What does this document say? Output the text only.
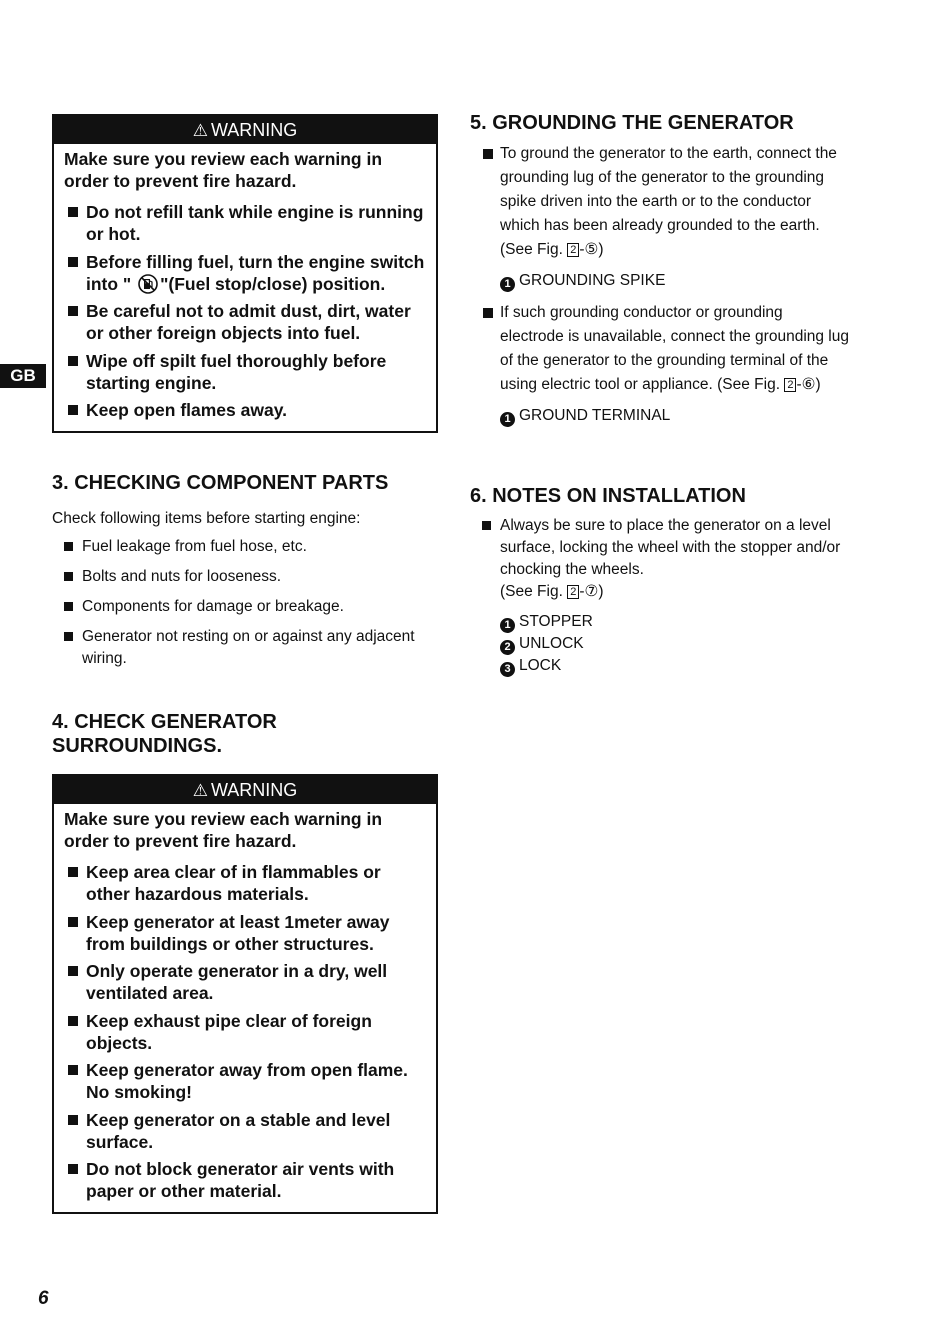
GB
⚠ WARNING

Make sure you review each warning in order to prevent fire hazard.

Do not refill tank while engine is running or hot.
Before filling fuel, turn the engine switch into " "(Fuel stop/close) position.
Be careful not to admit dust, dirt, water or other foreign objects into fuel.
Wipe off spilt fuel thoroughly before starting engine.
Keep open flames away.
3. CHECKING COMPONENT PARTS

Check following items before starting engine:

Fuel leakage from fuel hose, etc.
Bolts and nuts for looseness.
Components for damage or breakage.
Generator not resting on or against any adjacent wiring.
4. CHECK GENERATOR SURROUNDINGS.
⚠ WARNING

Make sure you review each warning in order to prevent fire hazard.

Keep area clear of in flammables or other hazardous materials.
Keep generator at least 1meter away from buildings or other structures.
Only operate generator in a dry, well ventilated area.
Keep exhaust pipe clear of foreign objects.
Keep generator away from open flame. No smoking!
Keep generator on a stable and level surface.
Do not block generator air vents with paper or other material.
5. GROUNDING THE GENERATOR
To ground the generator to the earth, connect the grounding lug of the generator to the grounding spike driven into the earth or to the conductor which has been already grounded to the earth. (See Fig. 2 -⑤)
1 GROUNDING SPIKE
If such grounding conductor or grounding electrode is unavailable, connect the grounding lug of the generator to the grounding terminal of the using electric tool or appliance. (See Fig. 2 -⑥)
1 GROUND TERMINAL
6. NOTES ON INSTALLATION
Always be sure to place the generator on a level surface, locking the wheel with the stopper and/or chocking the wheels.
(See Fig. 2 -⑦)
1 STOPPER
2 UNLOCK
3 LOCK
6
